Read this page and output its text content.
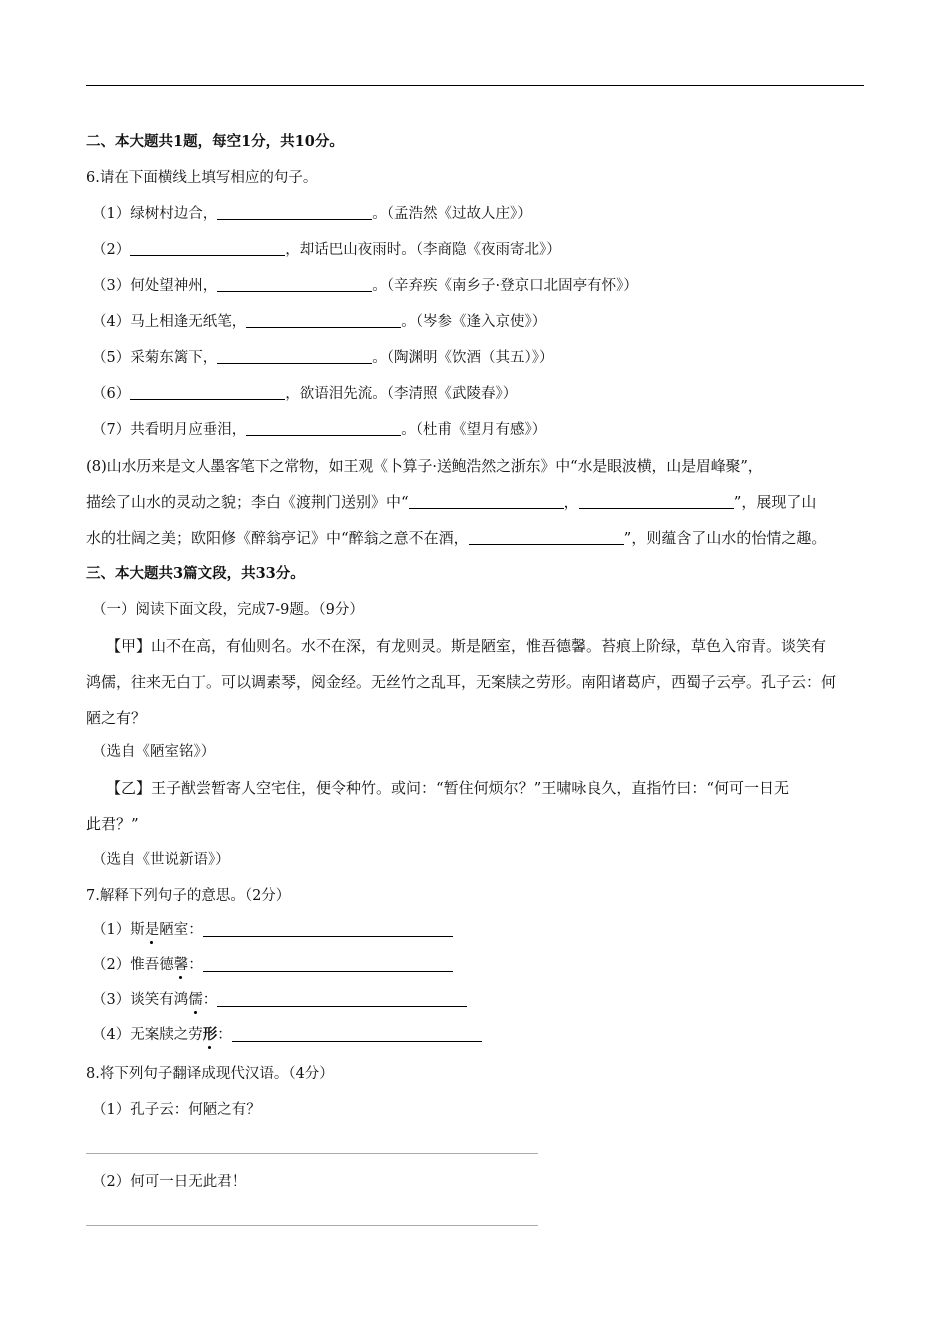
二、本大题共1题，每空1分，共10分。
6.请在下面横线上填写相应的句子。
（1）绿树村边合，	。（孟浩然《过故人庄》）
（2）	，却话巴山夜雨时。（李商隐《夜雨寄北》）
（3）何处望神州，	。（辛弃疾《南乡子·登京口北固亭有怀》）
（4）马上相逢无纸笔，	。（岑参《逢入京使》）
（5）采菊东篱下，	。（陶渊明《饮酒（其五）》）
（6）	，欲语泪先流。（李清照《武陵春》）
（7）共看明月应垂泪，	。（杜甫《望月有感》）
(8)山水历来是文人墨客笔下之常物，如王观《卜算子·送鲍浩然之浙东》中“水是眼波横，山是眉峰聚”，
描绘了山水的灵动之貌；李白《渡荆门送别》中“	，	”，展现了山
水的壮阔之美；欧阳修《醉翁亭记》中“醉翁之意不在酒，	”，则蕴含了山水的怡情之趣。
三、本大题共3篇文段，共33分。
（一）阅读下面文段，完成7-9题。（9分）
【甲】山不在高，有仙则名。水不在深，有龙则灵。斯是陋室，惟吾德馨。苔痕上阶绿，草色入帘青。谈笑有
鸿儒，往来无白丁。可以调素琴，阅金经。无丝竹之乱耳，无案牍之劳形。南阳诸葛庐，西蜀子云亭。孔子云：何
陋之有？
（选自《陋室铭》）
【乙】王子猷尝暂寄人空宅住，便令种竹。或问：“暂住何烦尔？”王啸咏良久，直指竹曰：“何可一日无
此君？”
（选自《世说新语》）
7.解释下列句子的意思。（2分）
（1）斯是陋室：
（2）惟吾德馨：
（3）谈笑有鸿儒：
（4）无案牍之劳形：
8.将下列句子翻译成现代汉语。（4分）
（1）孔子云：何陋之有？
（2）何可一日无此君！
